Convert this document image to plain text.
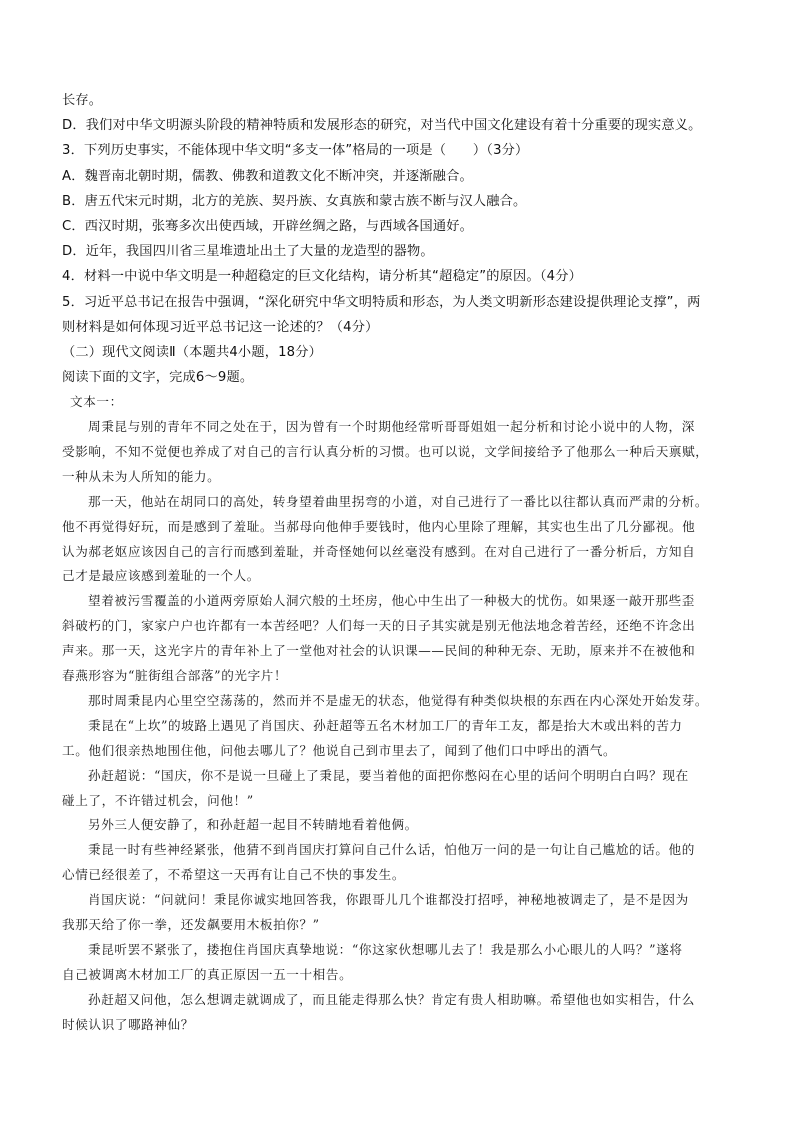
长存。
D．我们对中华文明源头阶段的精神特质和发展形态的研究，对当代中国文化建设有着十分重要的现实意义。
3．下列历史事实，不能体现中华文明“多支一体”格局的一项是（　　）（3分）
A．魏晋南北朝时期，儒教、佛教和道教文化不断冲突，并逐渐融合。
B．唐五代宋元时期，北方的羌族、契丹族、女真族和蒙古族不断与汉人融合。
C．西汉时期，张骞多次出使西域，开辟丝绸之路，与西域各国通好。
D．近年，我国四川省三星堆遗址出土了大量的龙造型的器物。
4．材料一中说中华文明是一种超稳定的巨文化结构，请分析其“超稳定”的原因。（4分）
5．习近平总书记在报告中强调，“深化研究中华文明特质和形态，为人类文明新形态建设提供理论支撑”，两
则材料是如何体现习近平总书记这一论述的？（4分）
（二）现代文阅读Ⅱ（本题共4小题，18分）
阅读下面的文字，完成6～9题。
文本一：
周秉昆与别的青年不同之处在于，因为曾有一个时期他经常听哥哥姐姐一起分析和讨论小说中的人物，深
受影响，不知不觉便也养成了对自己的言行认真分析的习惯。也可以说，文学间接给予了他那么一种后天禀赋，
一种从未为人所知的能力。
那一天，他站在胡同口的高处，转身望着曲里拐弯的小道，对自己进行了一番比以往都认真而严肃的分析。
他不再觉得好玩，而是感到了羞耻。当郝母向他伸手要钱时，他内心里除了理解，其实也生出了几分鄙视。他
认为郝老妪应该因自己的言行而感到羞耻，并奇怪她何以丝毫没有感到。在对自己进行了一番分析后，方知自
己才是最应该感到羞耻的一个人。
望着被污雪覆盖的小道两旁原始人洞穴般的土坯房，他心中生出了一种极大的忧伤。如果逐一敲开那些歪
斜破朽的门，家家户户也许都有一本苦经吧？人们每一天的日子其实就是别无他法地念着苦经，还绝不许念出
声来。那一天，这光字片的青年补上了一堂他对社会的认识课——民间的种种无奈、无助，原来并不在被他和
春燕形容为“脏街组合部落”的光字片！
那时周秉昆内心里空空荡荡的，然而并不是虚无的状态，他觉得有种类似块根的东西在内心深处开始发芽。
秉昆在“上坎”的坡路上遇见了肖国庆、孙赶超等五名木材加工厂的青年工友，都是抬大木或出料的苦力
工。他们很亲热地围住他，问他去哪儿了？他说自己到市里去了，闻到了他们口中呼出的酒气。
孙赶超说：“国庆，你不是说一旦碰上了秉昆，要当着他的面把你憋闷在心里的话问个明明白白吗？现在
碰上了，不许错过机会，问他！”
另外三人便安静了，和孙赶超一起目不转睛地看着他俩。
秉昆一时有些神经紧张，他猜不到肖国庆打算问自己什么话，怕他万一问的是一句让自己尴尬的话。他的
心情已经很差了，不希望这一天再有让自己不快的事发生。
肖国庆说：“问就问！秉昆你诚实地回答我，你跟哥儿几个谁都没打招呼，神秘地被调走了，是不是因为
我那天给了你一拳，还发飙要用木板拍你？”
秉昆听罢不紧张了，搂抱住肖国庆真挚地说：“你这家伙想哪儿去了！我是那么小心眼儿的人吗？”遂将
自己被调离木材加工厂的真正原因一五一十相告。
孙赶超又问他，怎么想调走就调成了，而且能走得那么快？肯定有贵人相助嘛。希望他也如实相告，什么
时候认识了哪路神仙？
